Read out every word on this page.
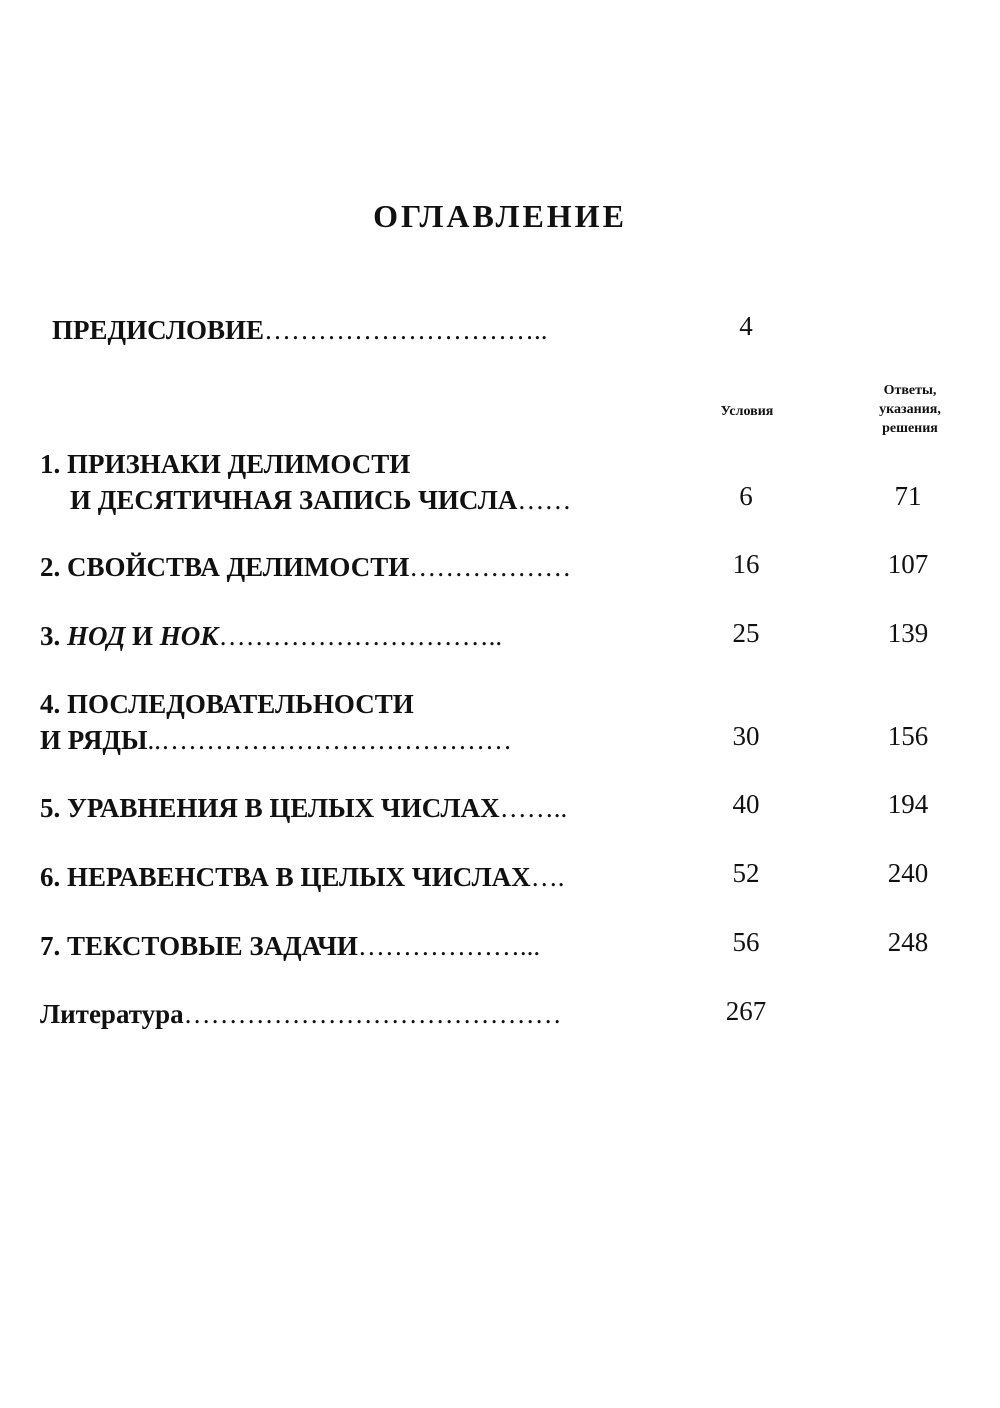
ОГЛАВЛЕНИЕ
ПРЕДИСЛОВИЕ…………………………..	4
Условия
Ответы,
указания,
решения
1. ПРИЗНАКИ ДЕЛИМОСТИ
И ДЕСЯТИЧНАЯ ЗАПИСЬ ЧИСЛА……	6	71
2. СВОЙСТВА ДЕЛИМОСТИ………………	16	107
3. НОД И НОК…………………………..	25	139
4. ПОСЛЕДОВАТЕЛЬНОСТИ
И РЯДЫ..…………………………………	30	156
5. УРАВНЕНИЯ В ЦЕЛЫХ ЧИСЛАХ……..	40	194
6. НЕРАВЕНСТВА В ЦЕЛЫХ ЧИСЛАХ….	52	240
7. ТЕКСТОВЫЕ ЗАДАЧИ………………...	56	248
Литература……………………………………	267
